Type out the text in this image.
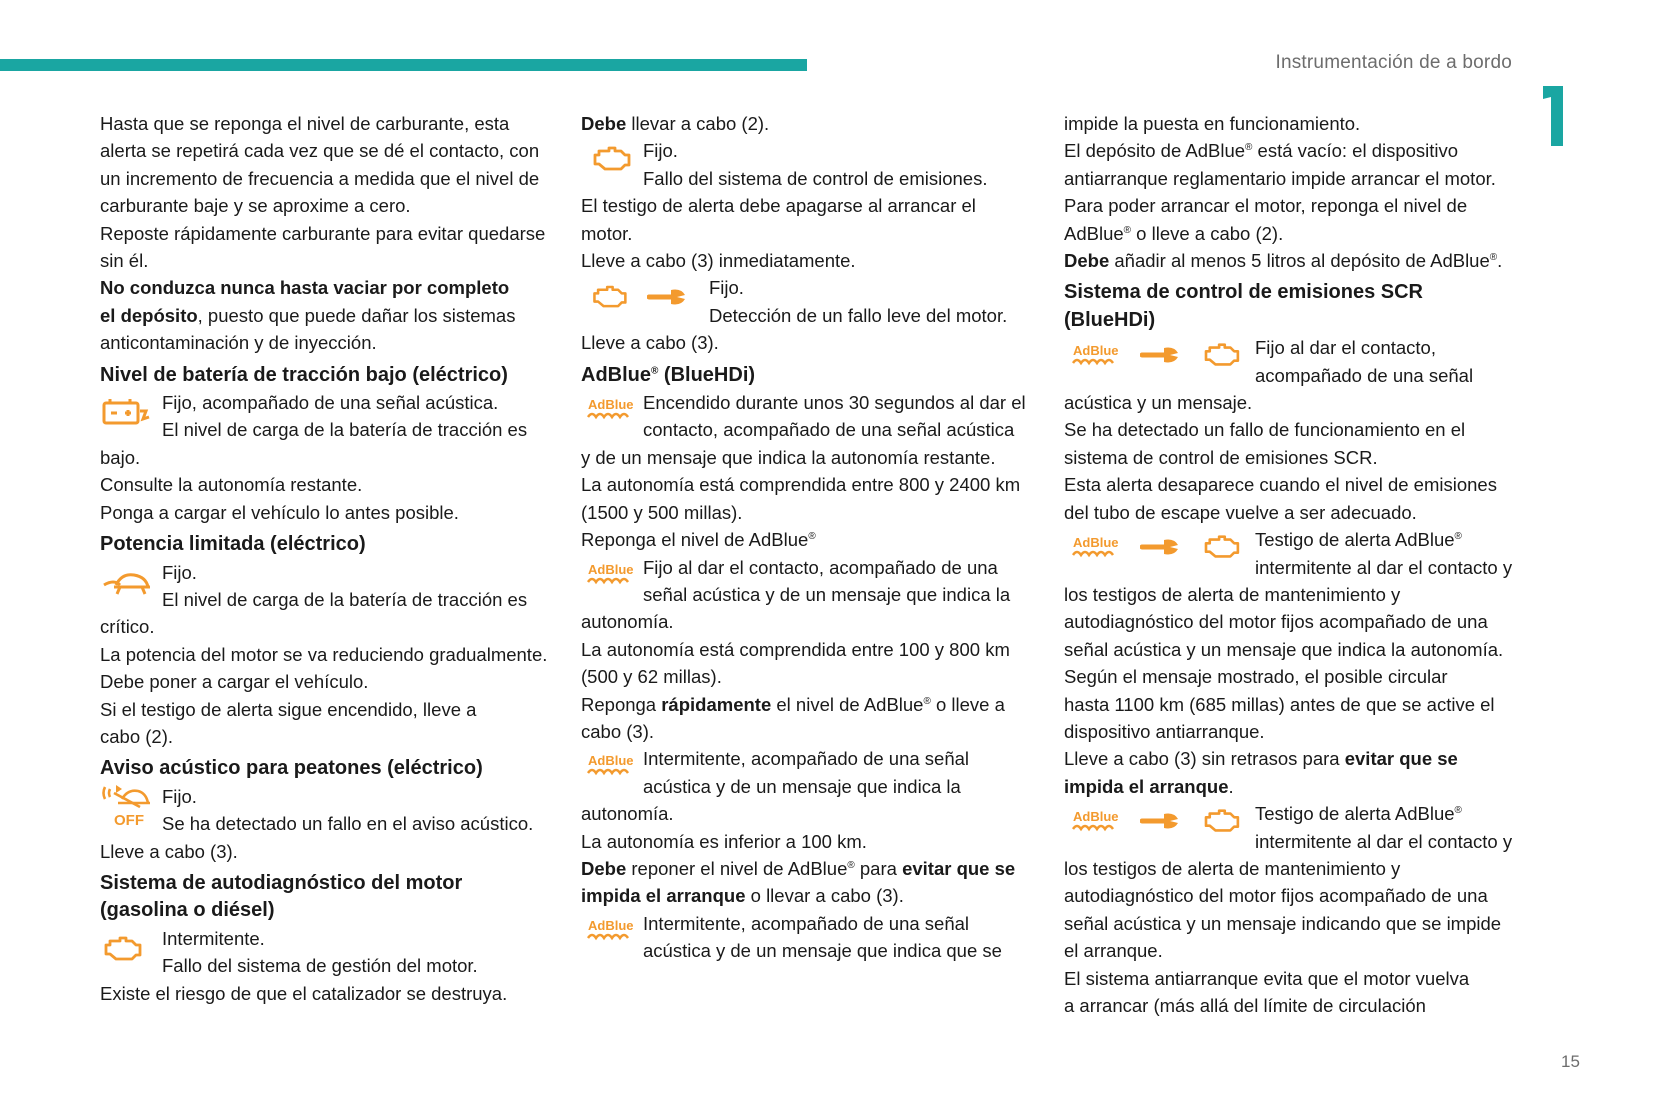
Instrumentación de a bordo
15

Hasta que se reponga el nivel de carburante, esta
alerta se repetirá cada vez que se dé el contacto, con
un incremento de frecuencia a medida que el nivel de
carburante baje y se aproxime a cero.

Reposte rápidamente carburante para evitar quedarse
sin él.

No conduzca nunca hasta vaciar por completo
el depósito, puesto que puede dañar los sistemas
anticontaminación y de inyección.

Nivel de batería de tracción bajo (eléctrico)
Fijo, acompañado de una señal acústica.
El nivel de carga de la batería de tracción es
bajo.

Consulte la autonomía restante.
Ponga a cargar el vehículo lo antes posible.

Potencia limitada (eléctrico)
Fijo.
El nivel de carga de la batería de tracción es
crítico.

La potencia del motor se va reduciendo gradualmente.
Debe poner a cargar el vehículo.
Si el testigo de alerta sigue encendido, lleve a
cabo (2).

Aviso acústico para peatones (eléctrico)
OFF
Fijo.
Se ha detectado un fallo en el aviso acústico.

Lleve a cabo (3).

Sistema de autodiagnóstico del motor
(gasolina o diésel)
Intermitente.
Fallo del sistema de gestión del motor.

Existe el riesgo de que el catalizador se destruya.

Debe llevar a cabo (2).

Fijo.
Fallo del sistema de control de emisiones.

El testigo de alerta debe apagarse al arrancar el
motor.
Lleve a cabo (3) inmediatamente.

Fijo.
Detección de un fallo leve del motor.

Lleve a cabo (3).

AdBlue® (BlueHDi)
AdBlue Encendido durante unos 30 segundos al dar el
contacto, acompañado de una señal acústica
y de un mensaje que indica la autonomía restante.

La autonomía está comprendida entre 800 y 2400 km
(1500 y 500 millas).
Reponga el nivel de AdBlue®

AdBlue Fijo al dar el contacto, acompañado de una
señal acústica y de un mensaje que indica la
autonomía.

La autonomía está comprendida entre 100 y 800 km
(500 y 62 millas).
Reponga rápidamente el nivel de AdBlue® o lleve a
cabo (3).

AdBlue Intermitente, acompañado de una señal
acústica y de un mensaje que indica la
autonomía.

La autonomía es inferior a 100 km.
Debe reponer el nivel de AdBlue® para evitar que se
impida el arranque o llevar a cabo (3).

AdBlue Intermitente, acompañado de una señal
acústica y de un mensaje que indica que se

impide la puesta en funcionamiento.
El depósito de AdBlue® está vacío: el dispositivo
antiarranque reglamentario impide arrancar el motor.
Para poder arrancar el motor, reponga el nivel de
AdBlue® o lleve a cabo (2).
Debe añadir al menos 5 litros al depósito de AdBlue®.

Sistema de control de emisiones SCR
(BlueHDi)
AdBlue	Fijo al dar el contacto,
acompañado de una señal
acústica y un mensaje.

Se ha detectado un fallo de funcionamiento en el
sistema de control de emisiones SCR.
Esta alerta desaparece cuando el nivel de emisiones
del tubo de escape vuelve a ser adecuado.

AdBlue	Testigo de alerta AdBlue®
intermitente al dar el contacto y
los testigos de alerta de mantenimiento y
autodiagnóstico del motor fijos acompañado de una
señal acústica y un mensaje que indica la autonomía.

Según el mensaje mostrado, el posible circular
hasta 1100 km (685 millas) antes de que se active el
dispositivo antiarranque.
Lleve a cabo (3) sin retrasos para evitar que se
impida el arranque.

AdBlue	Testigo de alerta AdBlue®
intermitente al dar el contacto y
los testigos de alerta de mantenimiento y
autodiagnóstico del motor fijos acompañado de una
señal acústica y un mensaje indicando que se impide
el arranque.

El sistema antiarranque evita que el motor vuelva
a arrancar (más allá del límite de circulación
